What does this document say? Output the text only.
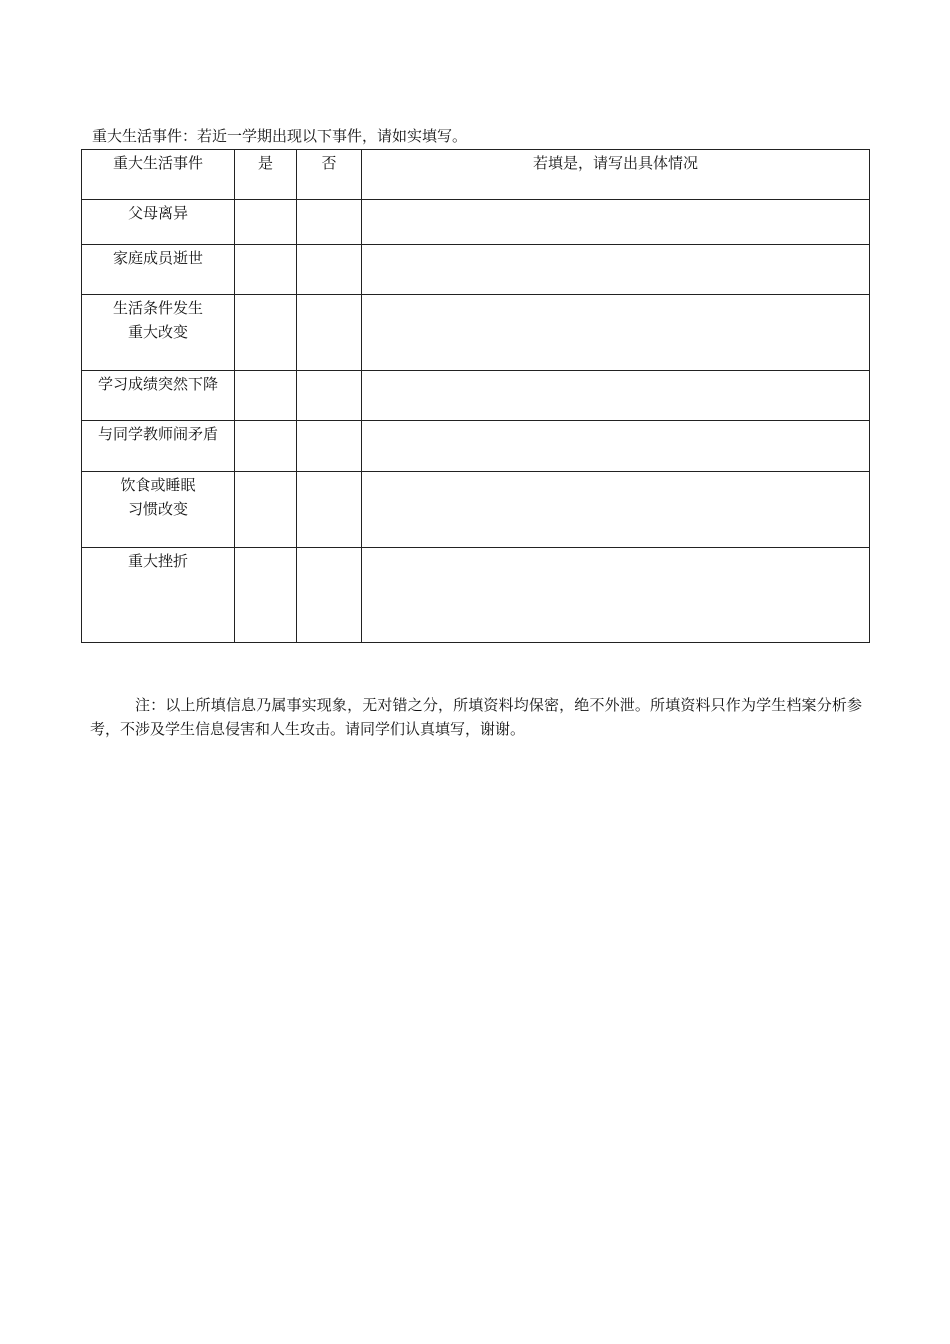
重大生活事件：若近一学期出现以下事件，请如实填写。
重大生活事件	是	否	若填是，请写出具体情况

父母离异			

家庭成员逝世			

生活条件发生
重大改变			

学习成绩突然下降			

与同学教师闹矛盾			

饮食或睡眠
习惯改变			

重大挫折			

注：以上所填信息乃属事实现象，无对错之分，所填资料均保密，绝不外泄。所填资料只作为学生档案分析参考，不涉及学生信息侵害和人生攻击。请同学们认真填写，谢谢。
